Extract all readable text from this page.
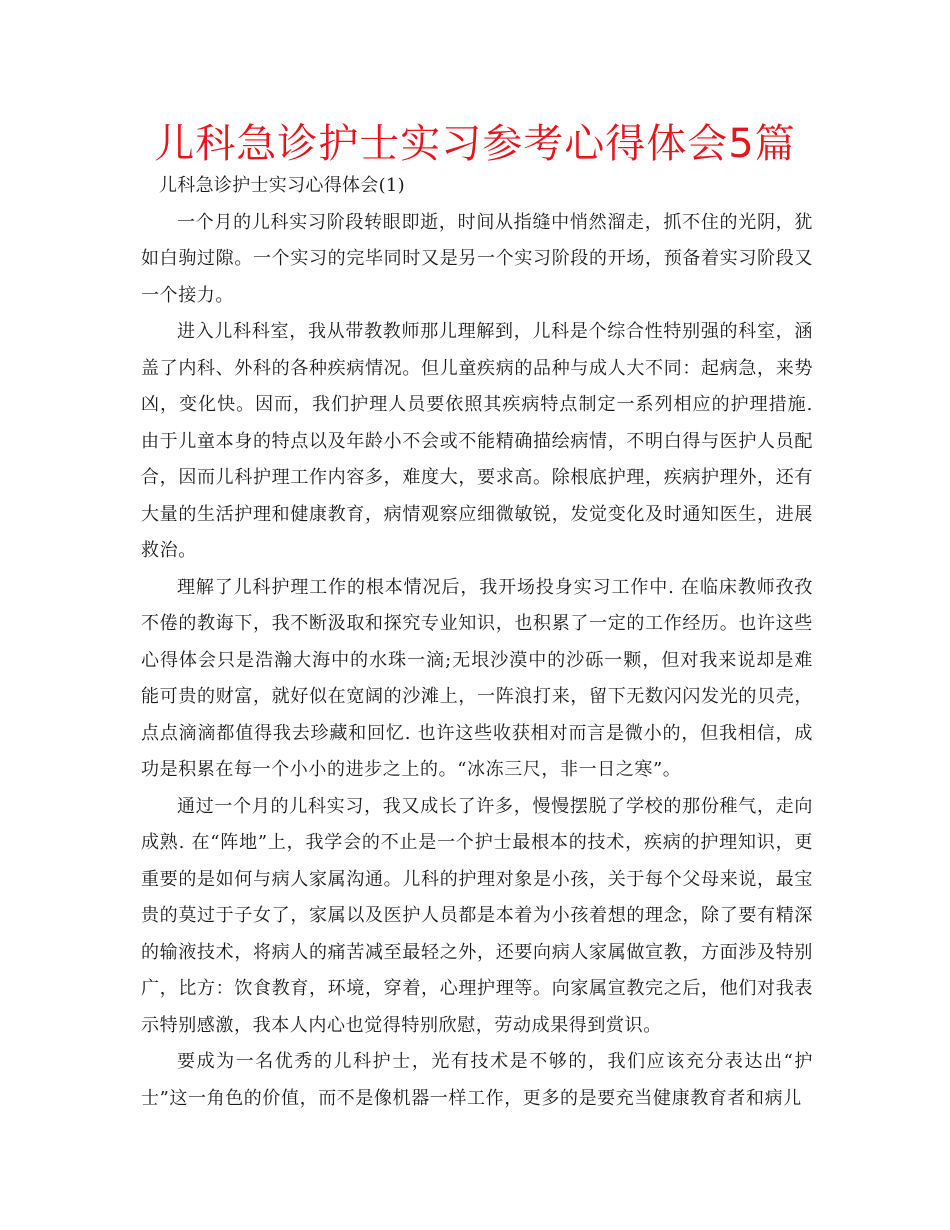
儿科急诊护士实习参考心得体会5篇

儿科急诊护士实习心得体会(1)

一个月的儿科实习阶段转眼即逝，时间从指缝中悄然溜走，抓不住的光阴，犹如白驹过隙。一个实习的完毕同时又是另一个实习阶段的开场，预备着实习阶段又一个接力。

进入儿科科室，我从带教教师那儿理解到，儿科是个综合性特别强的科室，涵盖了内科、外科的各种疾病情况。但儿童疾病的品种与成人大不同：起病急，来势凶，变化快。因而，我们护理人员要依照其疾病特点制定一系列相应的护理措施. 由于儿童本身的特点以及年龄小不会或不能精确描绘病情，不明白得与医护人员配合，因而儿科护理工作内容多，难度大，要求高。除根底护理，疾病护理外，还有大量的生活护理和健康教育，病情观察应细微敏锐，发觉变化及时通知医生，进展救治。

理解了儿科护理工作的根本情况后，我开场投身实习工作中. 在临床教师孜孜不倦的教诲下，我不断汲取和探究专业知识，也积累了一定的工作经历。也许这些心得体会只是浩瀚大海中的水珠一滴;无垠沙漠中的沙砾一颗，但对我来说却是难能可贵的财富，就好似在宽阔的沙滩上，一阵浪打来，留下无数闪闪发光的贝壳，点点滴滴都值得我去珍藏和回忆. 也许这些收获相对而言是微小的，但我相信，成功是积累在每一个小小的进步之上的。“冰冻三尺，非一日之寒”。

通过一个月的儿科实习，我又成长了许多，慢慢摆脱了学校的那份稚气，走向成熟. 在“阵地”上，我学会的不止是一个护士最根本的技术，疾病的护理知识，更重要的是如何与病人家属沟通。儿科的护理对象是小孩，关于每个父母来说，最宝贵的莫过于子女了，家属以及医护人员都是本着为小孩着想的理念，除了要有精深的输液技术，将病人的痛苦减至最轻之外，还要向病人家属做宣教，方面涉及特别广，比方：饮食教育，环境，穿着，心理护理等。向家属宣教完之后，他们对我表示特别感激，我本人内心也觉得特别欣慰，劳动成果得到赏识。

要成为一名优秀的儿科护士，光有技术是不够的，我们应该充分表达出“护士”这一角色的价值，而不是像机器一样工作，更多的是要充当健康教育者和病儿
